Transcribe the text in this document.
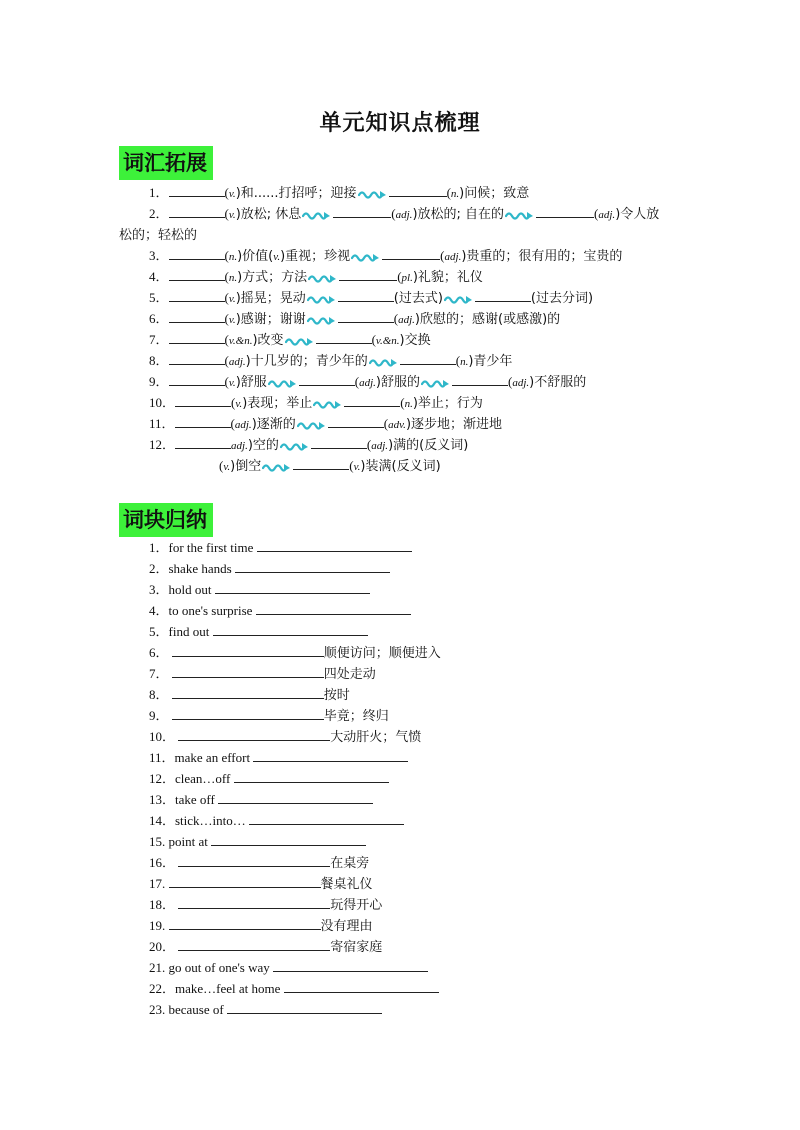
单元知识点梳理
词汇拓展
1．	(v.)和......打招呼；迎接	(n.)问候；致意
2．	(v.)放松; 休息	(adj.)放松的; 自在的	(adj.)令人放
松的；轻松的
3．	(n.)价值(v.)重视；珍视	(adj.)贵重的；很有用的；宝贵的
4．	(n.)方式；方法	(pl.)礼貌；礼仪
5．	(v.)摇晃；晃动	(过去式)	(过去分词)
6．	(v.)感谢；谢谢	(adj.)欣慰的；感谢(或感激)的
7．	(v.&n.)改变	(v.&n.)交换
8．	(adj.)十几岁的；青少年的	(n.)青少年
9．	(v.)舒服	(adj.)舒服的	(adj.)不舒服的
10．	(v.)表现；举止	(n.)举止；行为
11．	(adj.)逐渐的	(adv.)逐步地；渐进地
12．	adj.)空的	(adj.)满的(反义词)
(v.)倒空	(v.)装满(反义词)
词块归纳
1．for the first time
2．shake hands
3．hold out
4．to one's surprise
5．find out
6．	顺便访问；顺便进入
7．	四处走动
8．	按时
9．	毕竟；终归
10．	大动肝火；气愤
11．make an effort
12．clean…off
13．take off
14．stick…into…
15. point at
16．	在桌旁
17.	餐桌礼仪
18．	玩得开心
19.	没有理由
20．	寄宿家庭
21. go out of one's way
22．make…feel at home
23. because of
